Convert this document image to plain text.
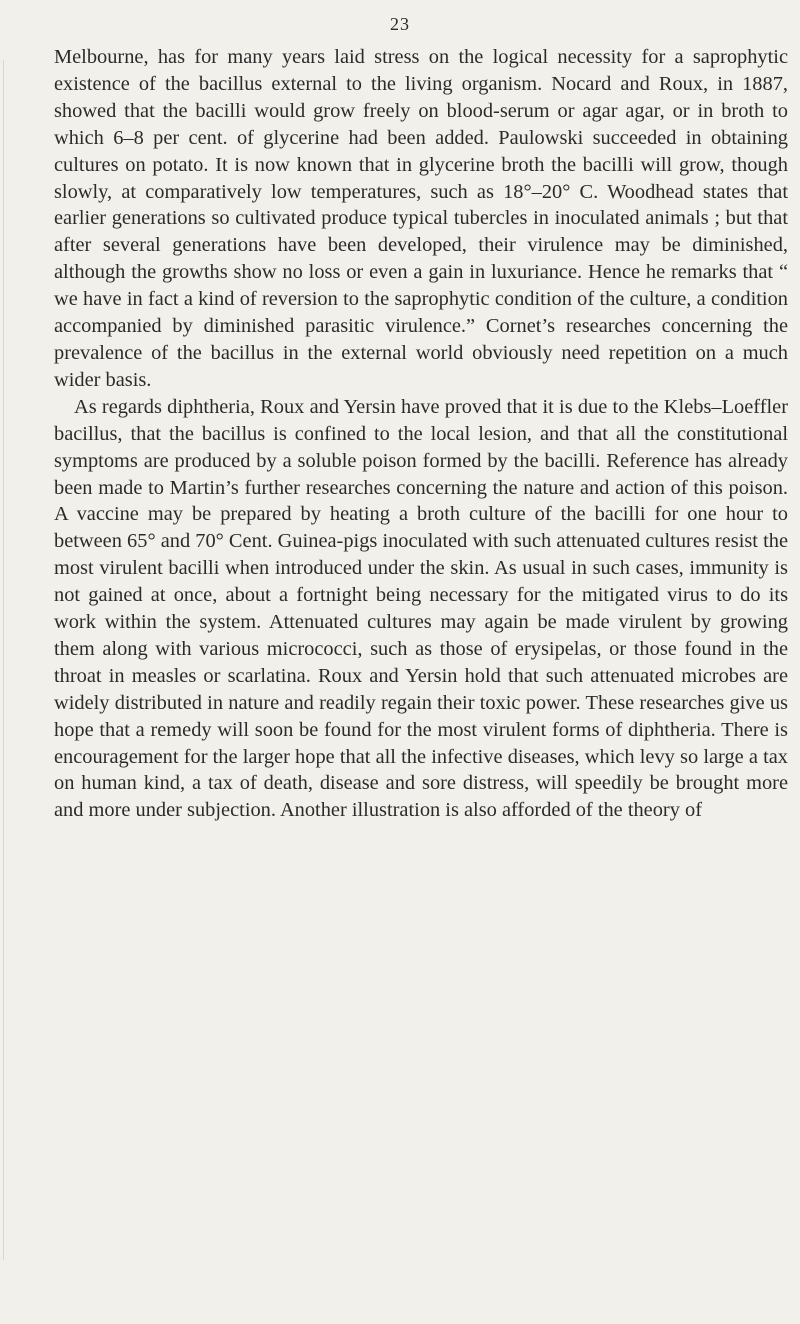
23

Melbourne, has for many years laid stress on the logical necessity for a saprophytic existence of the bacillus external to the living organism. Nocard and Roux, in 1887, showed that the bacilli would grow freely on blood-serum or agar agar, or in broth to which 6–8 per cent. of glycerine had been added. Paulowski succeeded in obtaining cultures on potato. It is now known that in glycerine broth the bacilli will grow, though slowly, at comparatively low temperatures, such as 18°–20° C. Woodhead states that earlier generations so cultivated produce typical tubercles in inoculated animals ; but that after several generations have been developed, their virulence may be diminished, although the growths show no loss or even a gain in luxuriance. Hence he remarks that “ we have in fact a kind of reversion to the saprophytic condition of the culture, a condition accompanied by diminished parasitic virulence.” Cornet’s researches concerning the prevalence of the bacillus in the external world obviously need repetition on a much wider basis.

As regards diphtheria, Roux and Yersin have proved that it is due to the Klebs–Loeffler bacillus, that the bacillus is confined to the local lesion, and that all the constitutional symptoms are produced by a soluble poison formed by the bacilli. Reference has already been made to Martin’s further researches concerning the nature and action of this poison. A vaccine may be prepared by heating a broth culture of the bacilli for one hour to between 65° and 70° Cent. Guinea-pigs inoculated with such attenuated cultures resist the most virulent bacilli when introduced under the skin. As usual in such cases, immunity is not gained at once, about a fortnight being necessary for the mitigated virus to do its work within the system. Attenuated cultures may again be made virulent by growing them along with various micrococci, such as those of erysipelas, or those found in the throat in measles or scarlatina. Roux and Yersin hold that such attenuated microbes are widely distributed in nature and readily regain their toxic power. These researches give us hope that a remedy will soon be found for the most virulent forms of diphtheria. There is encouragement for the larger hope that all the infective diseases, which levy so large a tax on human kind, a tax of death, disease and sore distress, will speedily be brought more and more under subjection. Another illustration is also afforded of the theory of
